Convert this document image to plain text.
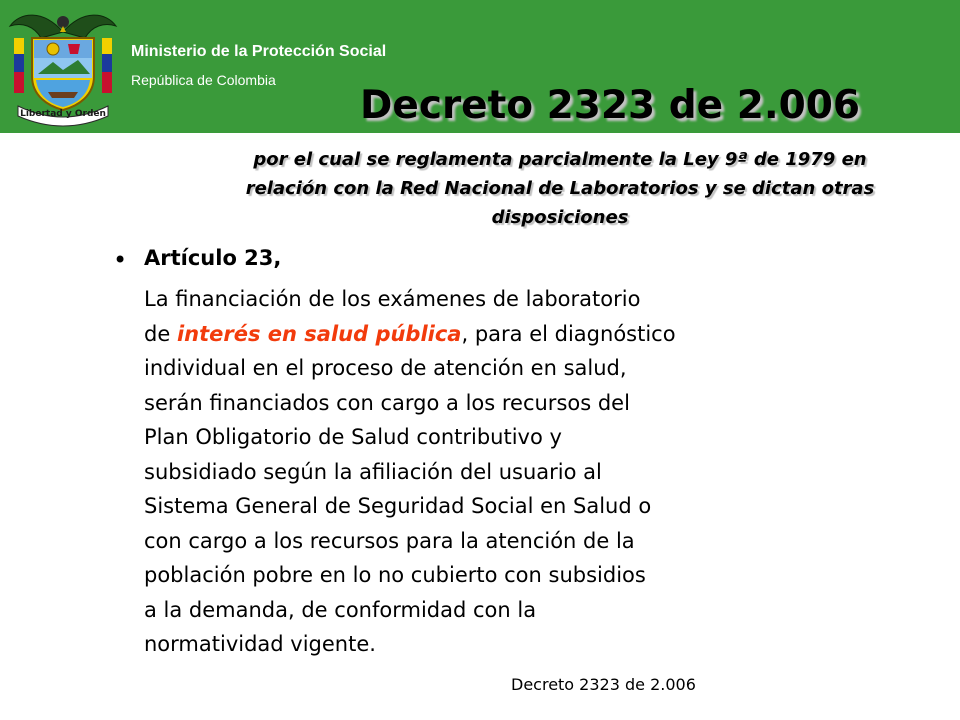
Libertad y Orden
Ministerio de la Protección Social
República de Colombia
Decreto 2323 de 2.006
por el cual se reglamenta parcialmente la Ley 9ª de 1979 en
relación con la Red Nacional de Laboratorios y se dictan otras
disposiciones
• Artículo 23,
La financiación de los exámenes de laboratorio
de interés en salud pública, para el diagnóstico
individual en el proceso de atención en salud,
serán financiados con cargo a los recursos del
Plan Obligatorio de Salud contributivo y
subsidiado según la afiliación del usuario al
Sistema General de Seguridad Social en Salud o
con cargo a los recursos para la atención de la
población pobre en lo no cubierto con subsidios
a la demanda, de conformidad con la
normatividad vigente.
Decreto 2323 de 2.006
